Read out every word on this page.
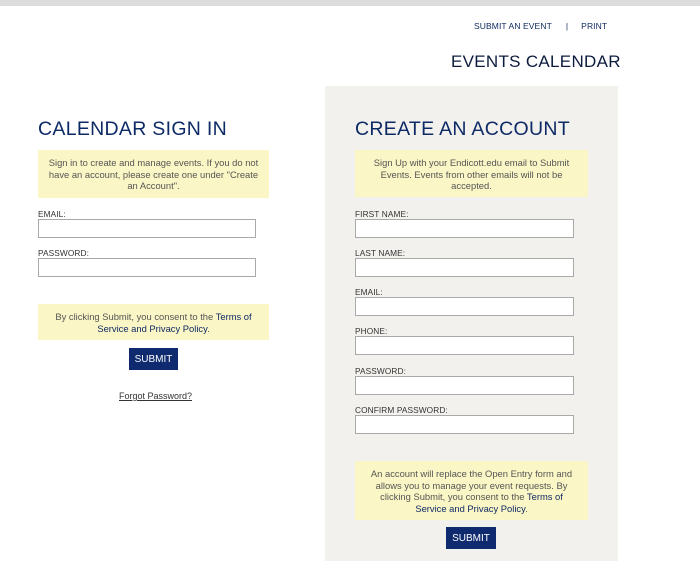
SUBMIT AN EVENT | PRINT
EVENTS CALENDAR
CALENDAR SIGN IN
Sign in to create and manage events. If you do not have an account, please create one under "Create an Account".
EMAIL:
PASSWORD:
By clicking Submit, you consent to the Terms of Service and Privacy Policy.
SUBMIT
Forgot Password?
CREATE AN ACCOUNT
Sign Up with your Endicott.edu email to Submit Events. Events from other emails will not be accepted.
FIRST NAME:
LAST NAME:
EMAIL:
PHONE:
PASSWORD:
CONFIRM PASSWORD:
An account will replace the Open Entry form and allows you to manage your event requests. By clicking Submit, you consent to the Terms of Service and Privacy Policy.
SUBMIT
